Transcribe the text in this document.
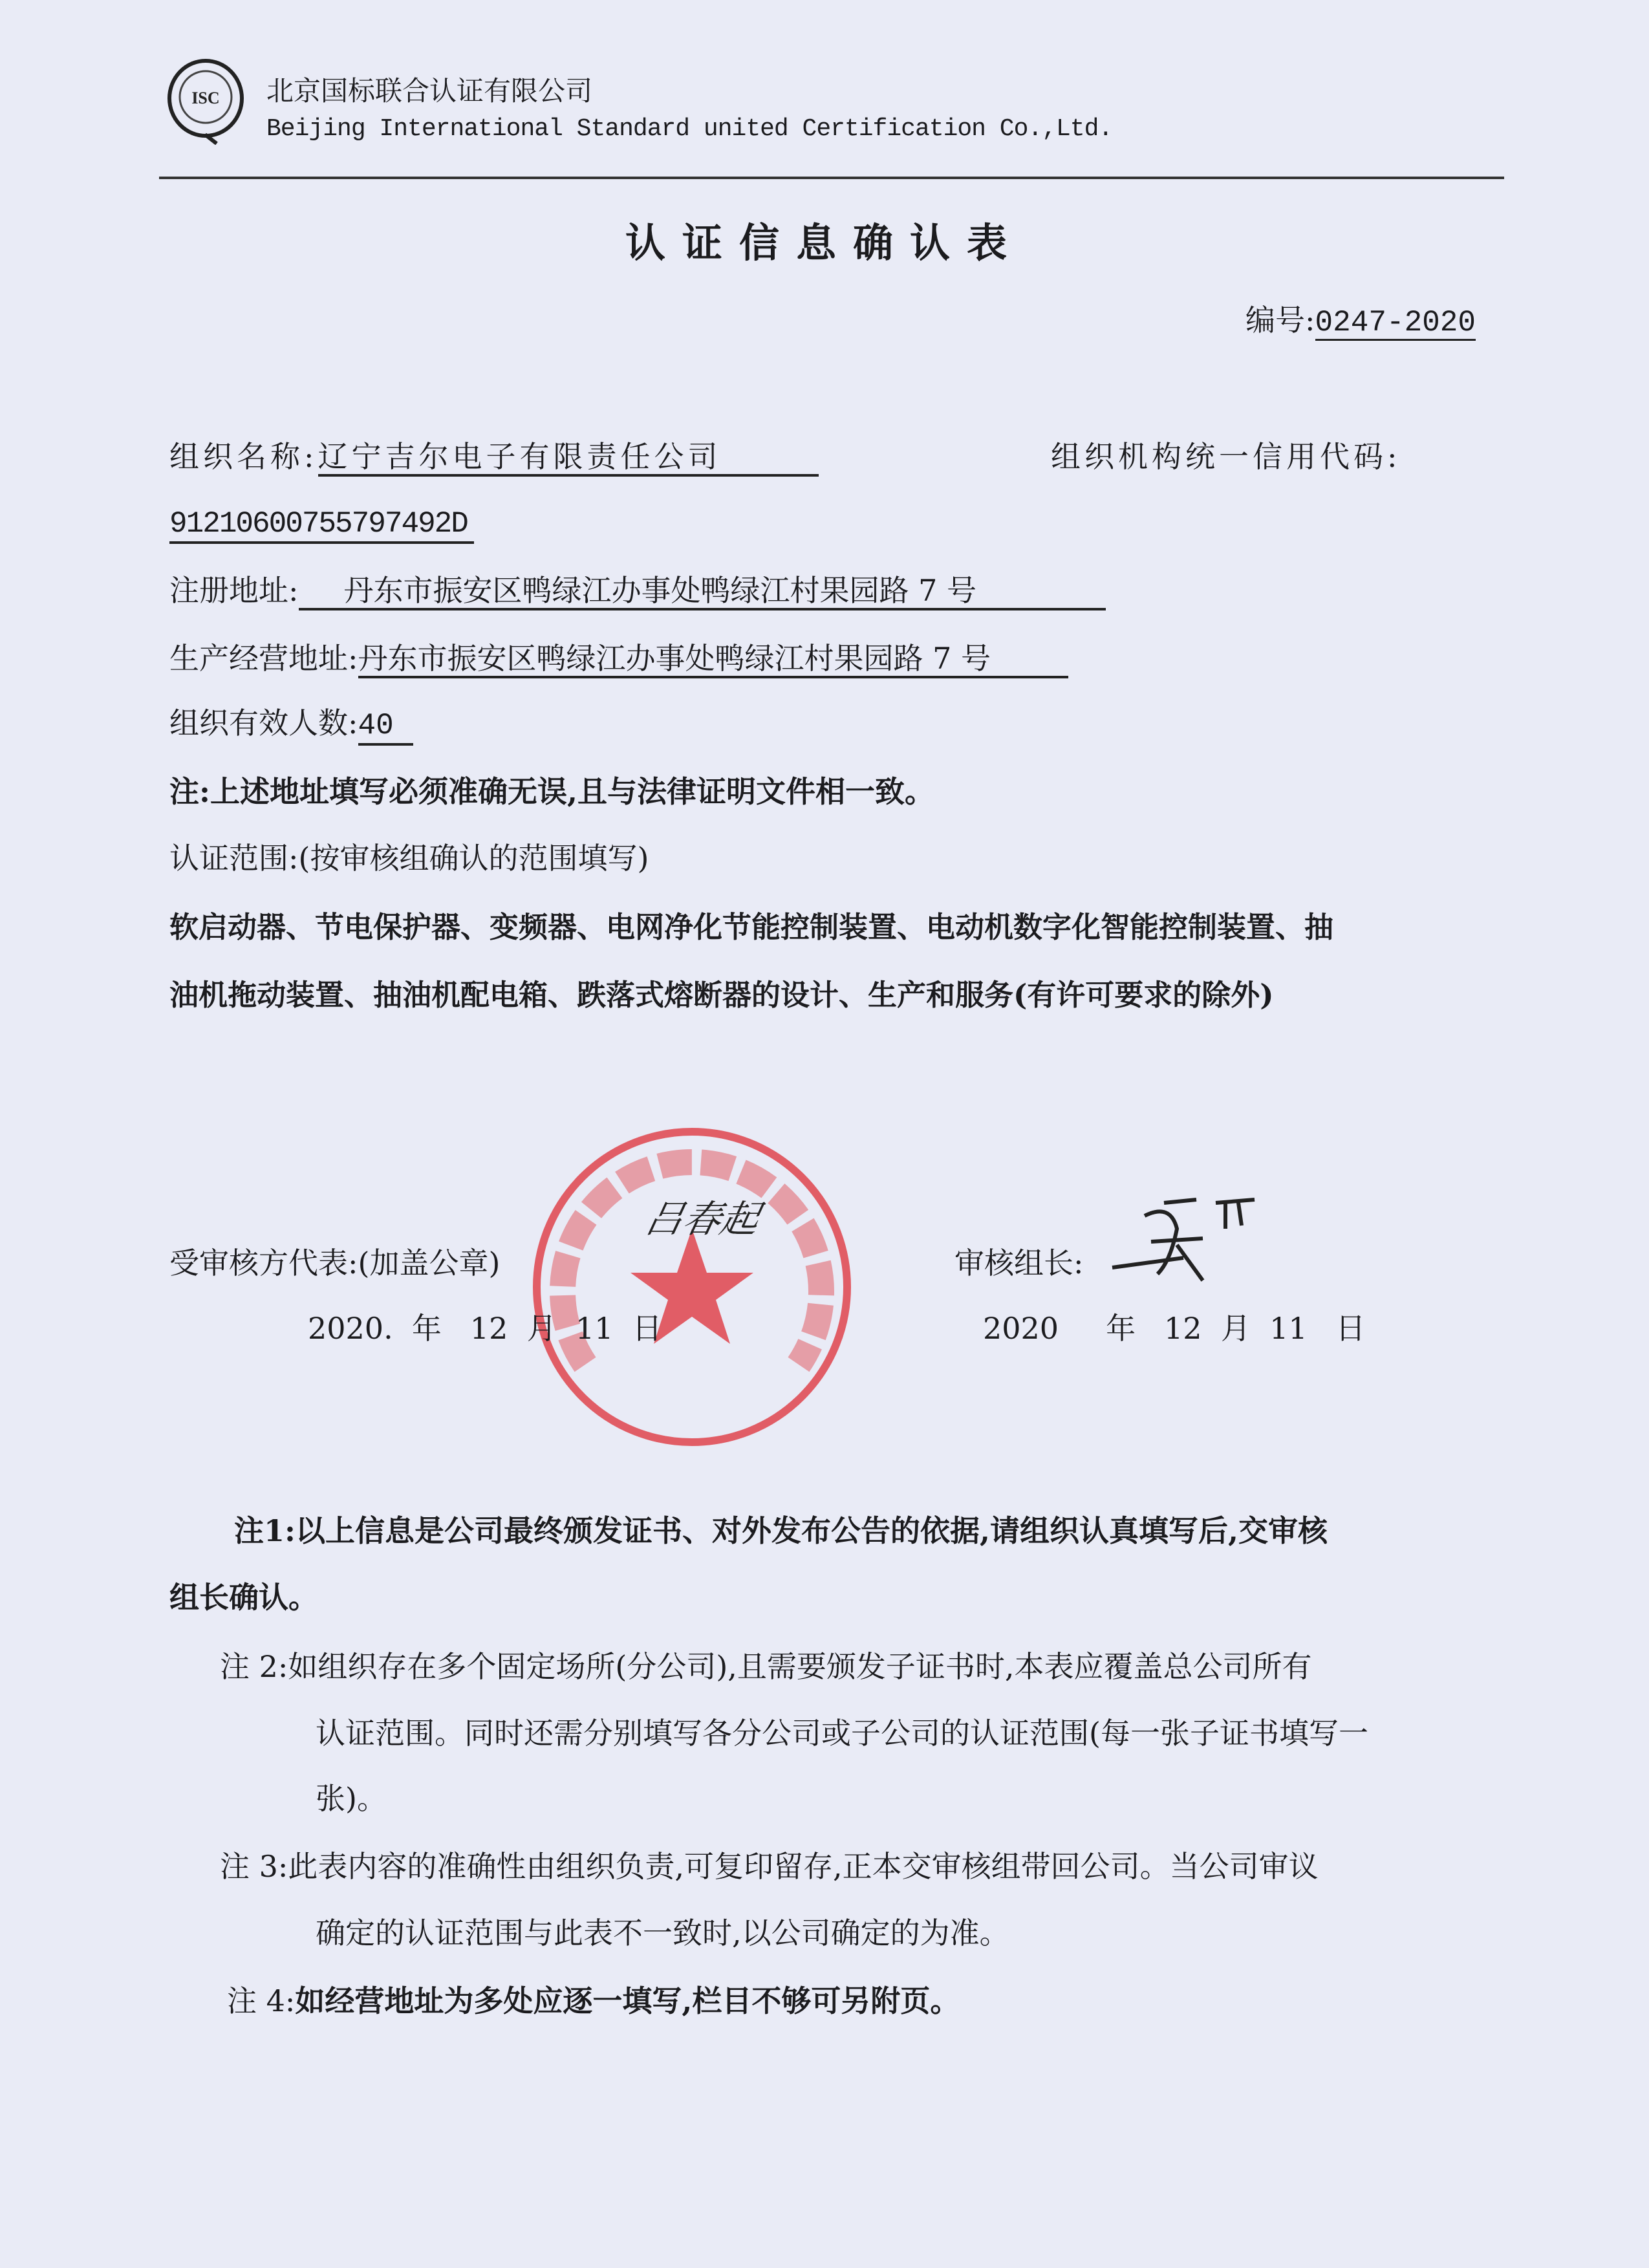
ISC 北京国标联合认证有限公司
Beijing International Standard united Certification Co.,Ltd.
认证信息确认表
编号:0247-2020
组织名称:辽宁吉尔电子有限责任公司	组织机构统一信用代码:
91210600755797492D
注册地址: 丹东市振安区鸭绿江办事处鸭绿江村果园路 7 号
生产经营地址:丹东市振安区鸭绿江办事处鸭绿江村果园路 7 号
组织有效人数:40
注:上述地址填写必须准确无误,且与法律证明文件相一致。
认证范围:(按审核组确认的范围填写)
软启动器、节电保护器、变频器、电网净化节能控制装置、电动机数字化智能控制装置、抽
油机拖动装置、抽油机配电箱、跌落式熔断器的设计、生产和服务(有许可要求的除外)
受审核方代表:(加盖公章)
2020.  年   12  月  11  日
审核组长:
2020     年   12  月  11   日
吕春起
注1:以上信息是公司最终颁发证书、对外发布公告的依据,请组织认真填写后,交审核
组长确认。
注 2:如组织存在多个固定场所(分公司),且需要颁发子证书时,本表应覆盖总公司所有
认证范围。同时还需分别填写各分公司或子公司的认证范围(每一张子证书填写一
张)。
注 3:此表内容的准确性由组织负责,可复印留存,正本交审核组带回公司。当公司审议
确定的认证范围与此表不一致时,以公司确定的为准。
注 4:如经营地址为多处应逐一填写,栏目不够可另附页。
